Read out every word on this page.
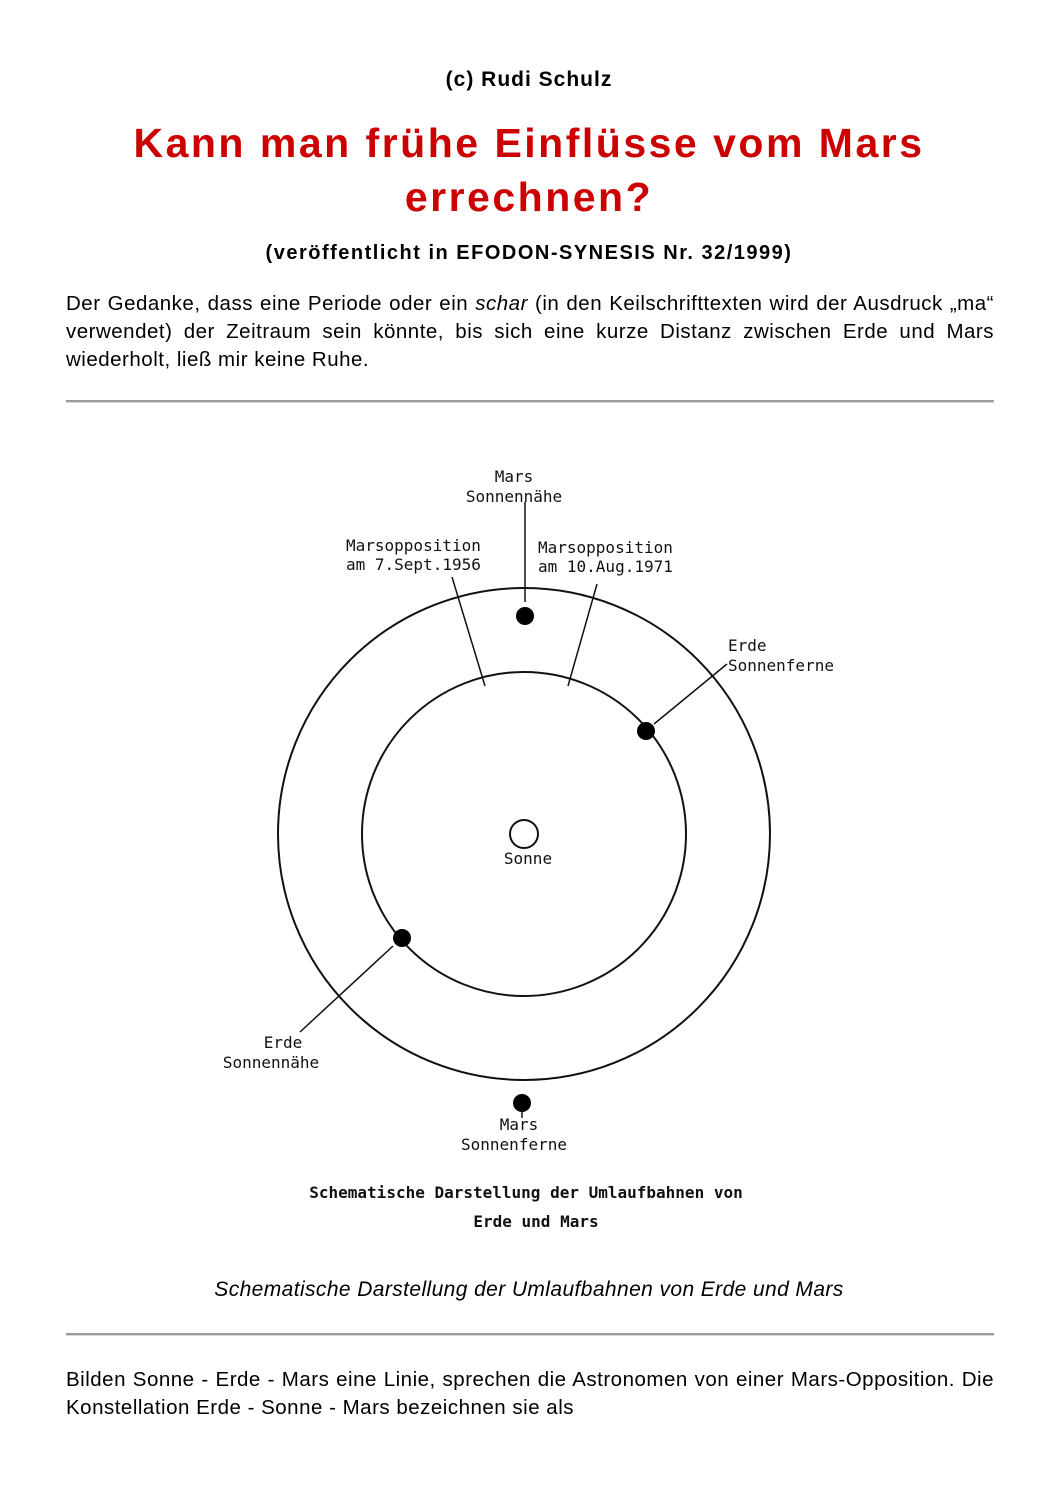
(c) Rudi Schulz
Kann man frühe Einflüsse vom Mars errechnen?
(veröffentlicht in EFODON-SYNESIS Nr. 32/1999)

Der Gedanke, dass eine Periode oder ein schar (in den Keilschrifttexten wird der Ausdruck „ma“ verwendet) der Zeitraum sein könnte, bis sich eine kurze Distanz zwischen Erde und Mars wiederholt, ließ mir keine Ruhe.

Mars
Sonnennähe
Marsopposition
am 7.Sept.1956
Marsopposition
am 10.Aug.1971
Erde
Sonnenferne
Sonne
Erde
Sonnennähe
Mars
Sonnenferne
Schematische Darstellung der Umlaufbahnen von
Erde und Mars
Schematische Darstellung der Umlaufbahnen von Erde und Mars

Bilden Sonne - Erde - Mars eine Linie, sprechen die Astronomen von einer Mars-Opposition. Die Konstellation Erde - Sonne - Mars bezeichnen sie als
